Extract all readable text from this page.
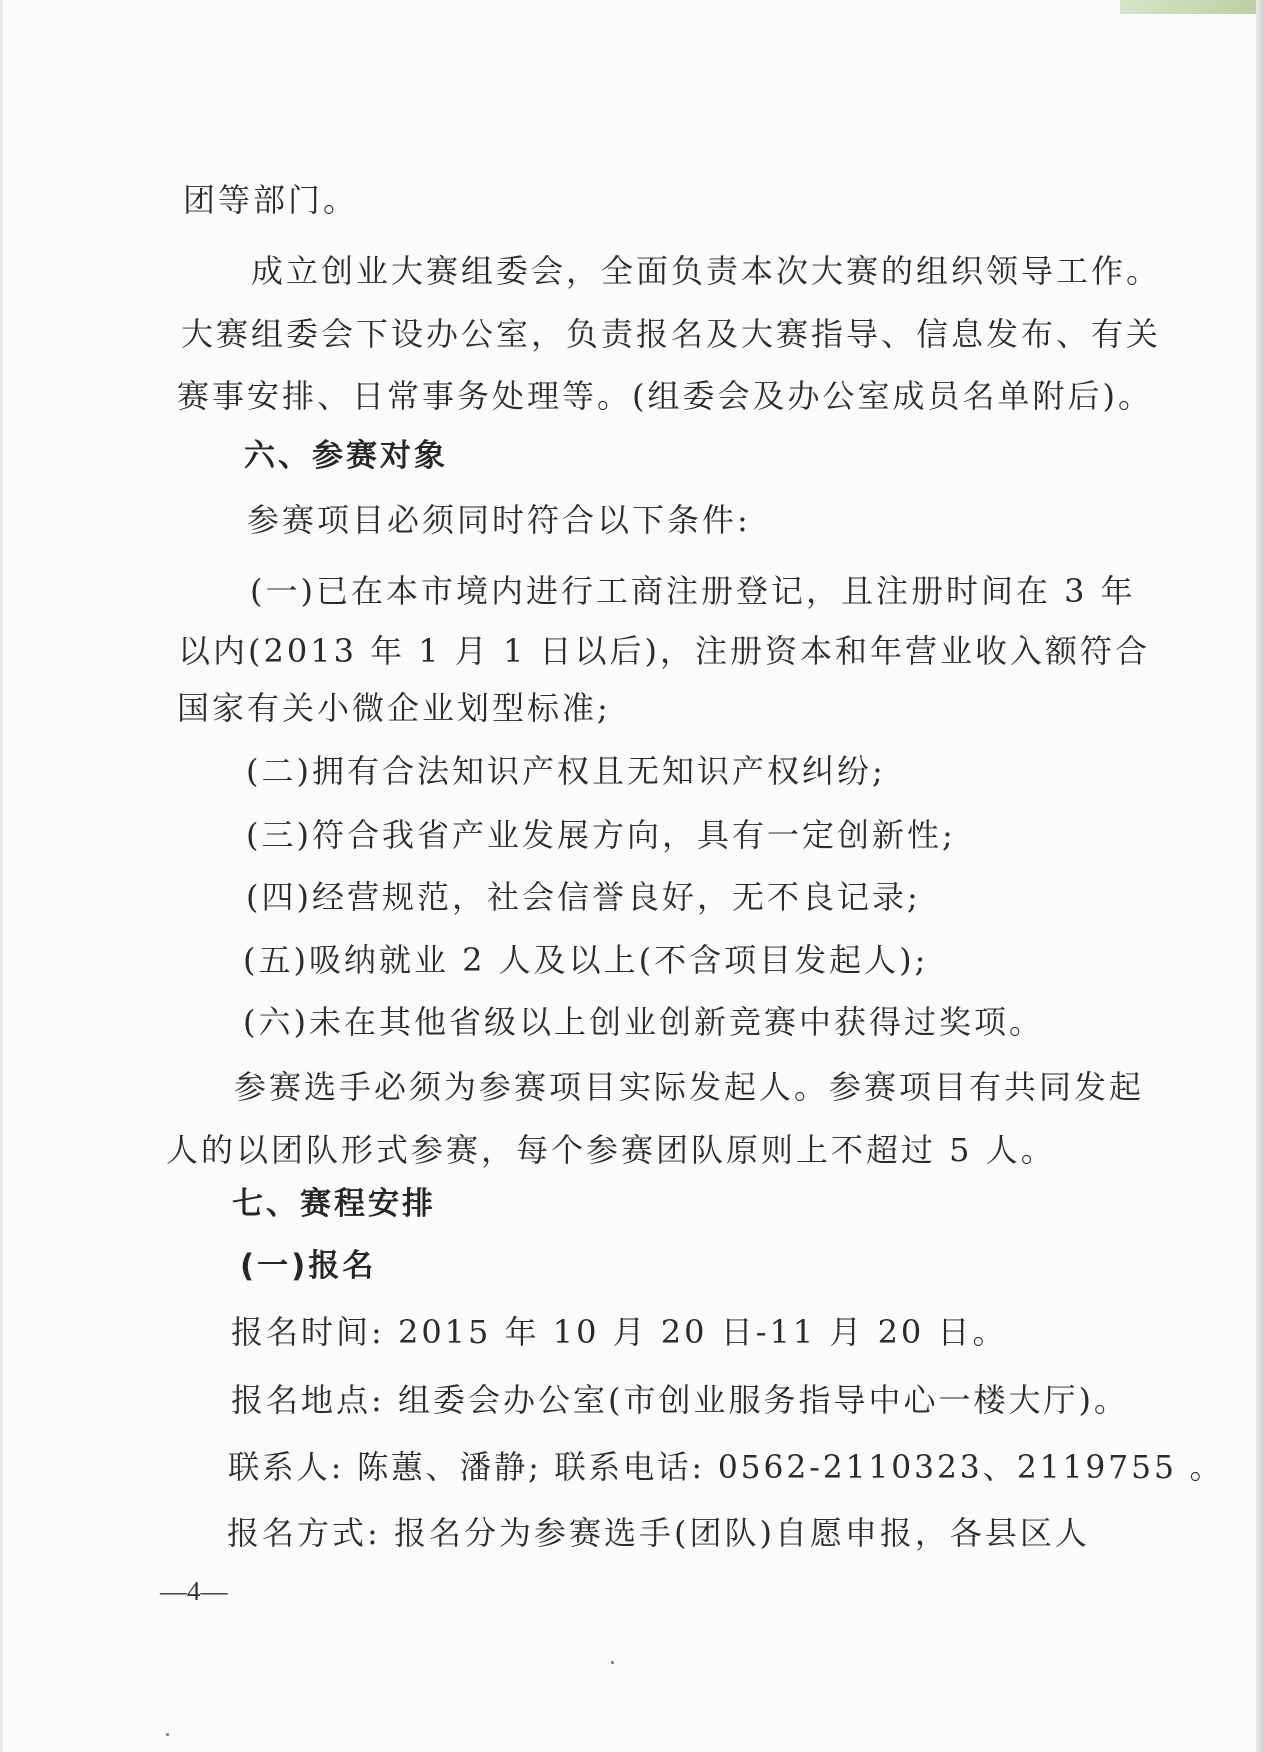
团等部门。
成立创业大赛组委会，全面负责本次大赛的组织领导工作。
大赛组委会下设办公室，负责报名及大赛指导、信息发布、有关
赛事安排、日常事务处理等。(组委会及办公室成员名单附后)。
六、参赛对象
参赛项目必须同时符合以下条件:
(一)已在本市境内进行工商注册登记，且注册时间在 3 年
以内(2013 年 1 月 1 日以后)，注册资本和年营业收入额符合
国家有关小微企业划型标准;
(二)拥有合法知识产权且无知识产权纠纷;
(三)符合我省产业发展方向，具有一定创新性;
(四)经营规范，社会信誉良好，无不良记录;
(五)吸纳就业 2 人及以上(不含项目发起人);
(六)未在其他省级以上创业创新竞赛中获得过奖项。
参赛选手必须为参赛项目实际发起人。参赛项目有共同发起
人的以团队形式参赛，每个参赛团队原则上不超过 5 人。
七、赛程安排
(一)报名
报名时间: 2015 年 10 月 20 日-11 月 20 日。
报名地点: 组委会办公室(市创业服务指导中心一楼大厅)。
联系人: 陈蕙、潘静; 联系电话: 0562-2110323、2119755 。
报名方式: 报名分为参赛选手(团队)自愿申报，各县区人
—4—
